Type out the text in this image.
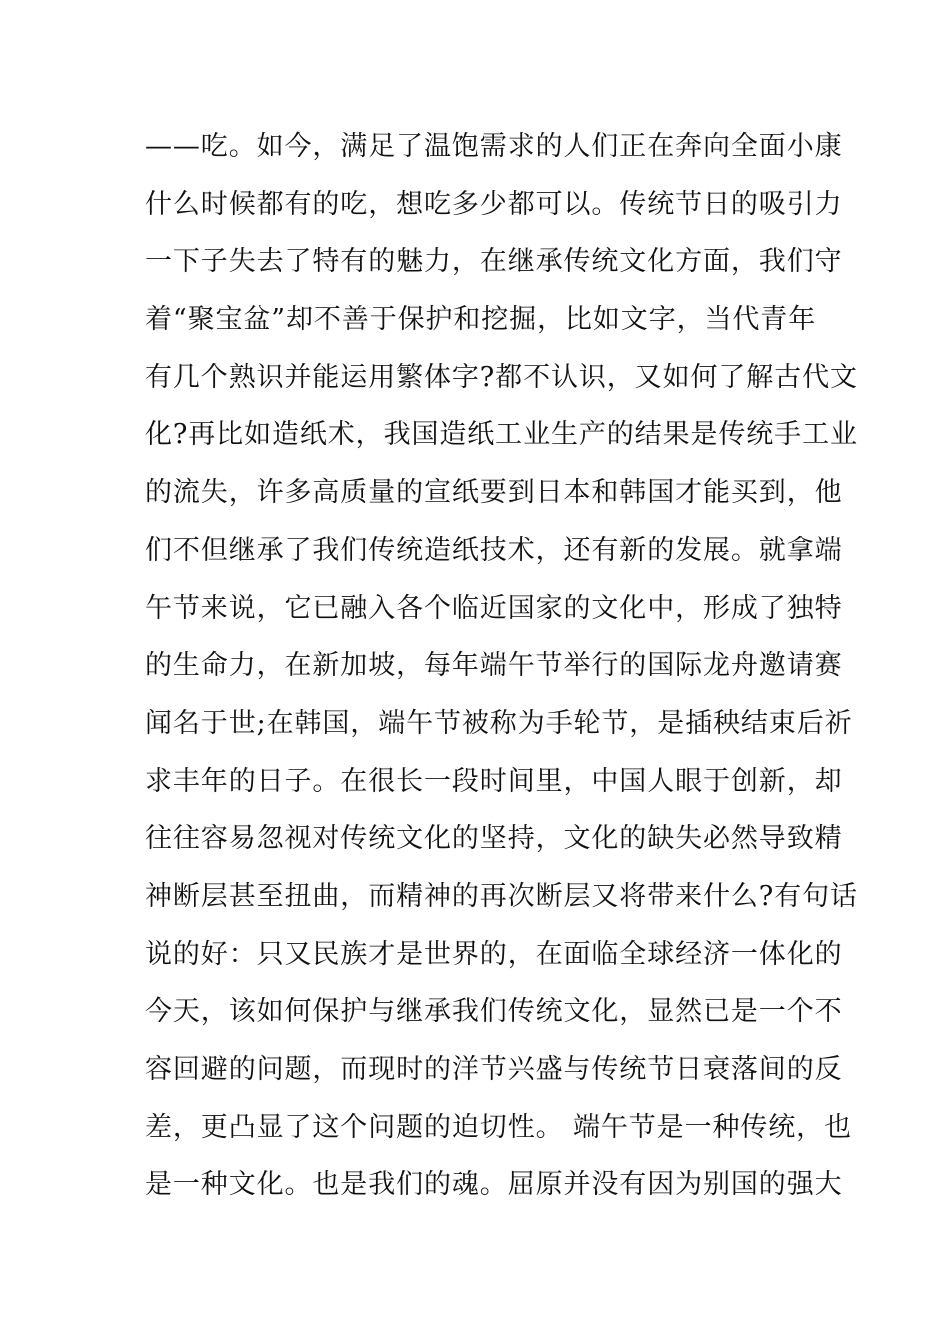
——吃。如今，满足了温饱需求的人们正在奔向全面小康
什么时候都有的吃，想吃多少都可以。传统节日的吸引力
一下子失去了特有的魅力，在继承传统文化方面，我们守
着“聚宝盆”却不善于保护和挖掘，比如文字，当代青年
有几个熟识并能运用繁体字?都不认识，又如何了解古代文
化?再比如造纸术，我国造纸工业生产的结果是传统手工业
的流失，许多高质量的宣纸要到日本和韩国才能买到，他
们不但继承了我们传统造纸技术，还有新的发展。就拿端
午节来说，它已融入各个临近国家的文化中，形成了独特
的生命力，在新加坡，每年端午节举行的国际龙舟邀请赛
闻名于世;在韩国，端午节被称为手轮节，是插秧结束后祈
求丰年的日子。在很长一段时间里，中国人眼于创新，却
往往容易忽视对传统文化的坚持，文化的缺失必然导致精
神断层甚至扭曲，而精神的再次断层又将带来什么?有句话
说的好：只又民族才是世界的，在面临全球经济一体化的
今天，该如何保护与继承我们传统文化，显然已是一个不
容回避的问题，而现时的洋节兴盛与传统节日衰落间的反
差，更凸显了这个问题的迫切性。 端午节是一种传统，也
是一种文化。也是我们的魂。屈原并没有因为别国的强大
